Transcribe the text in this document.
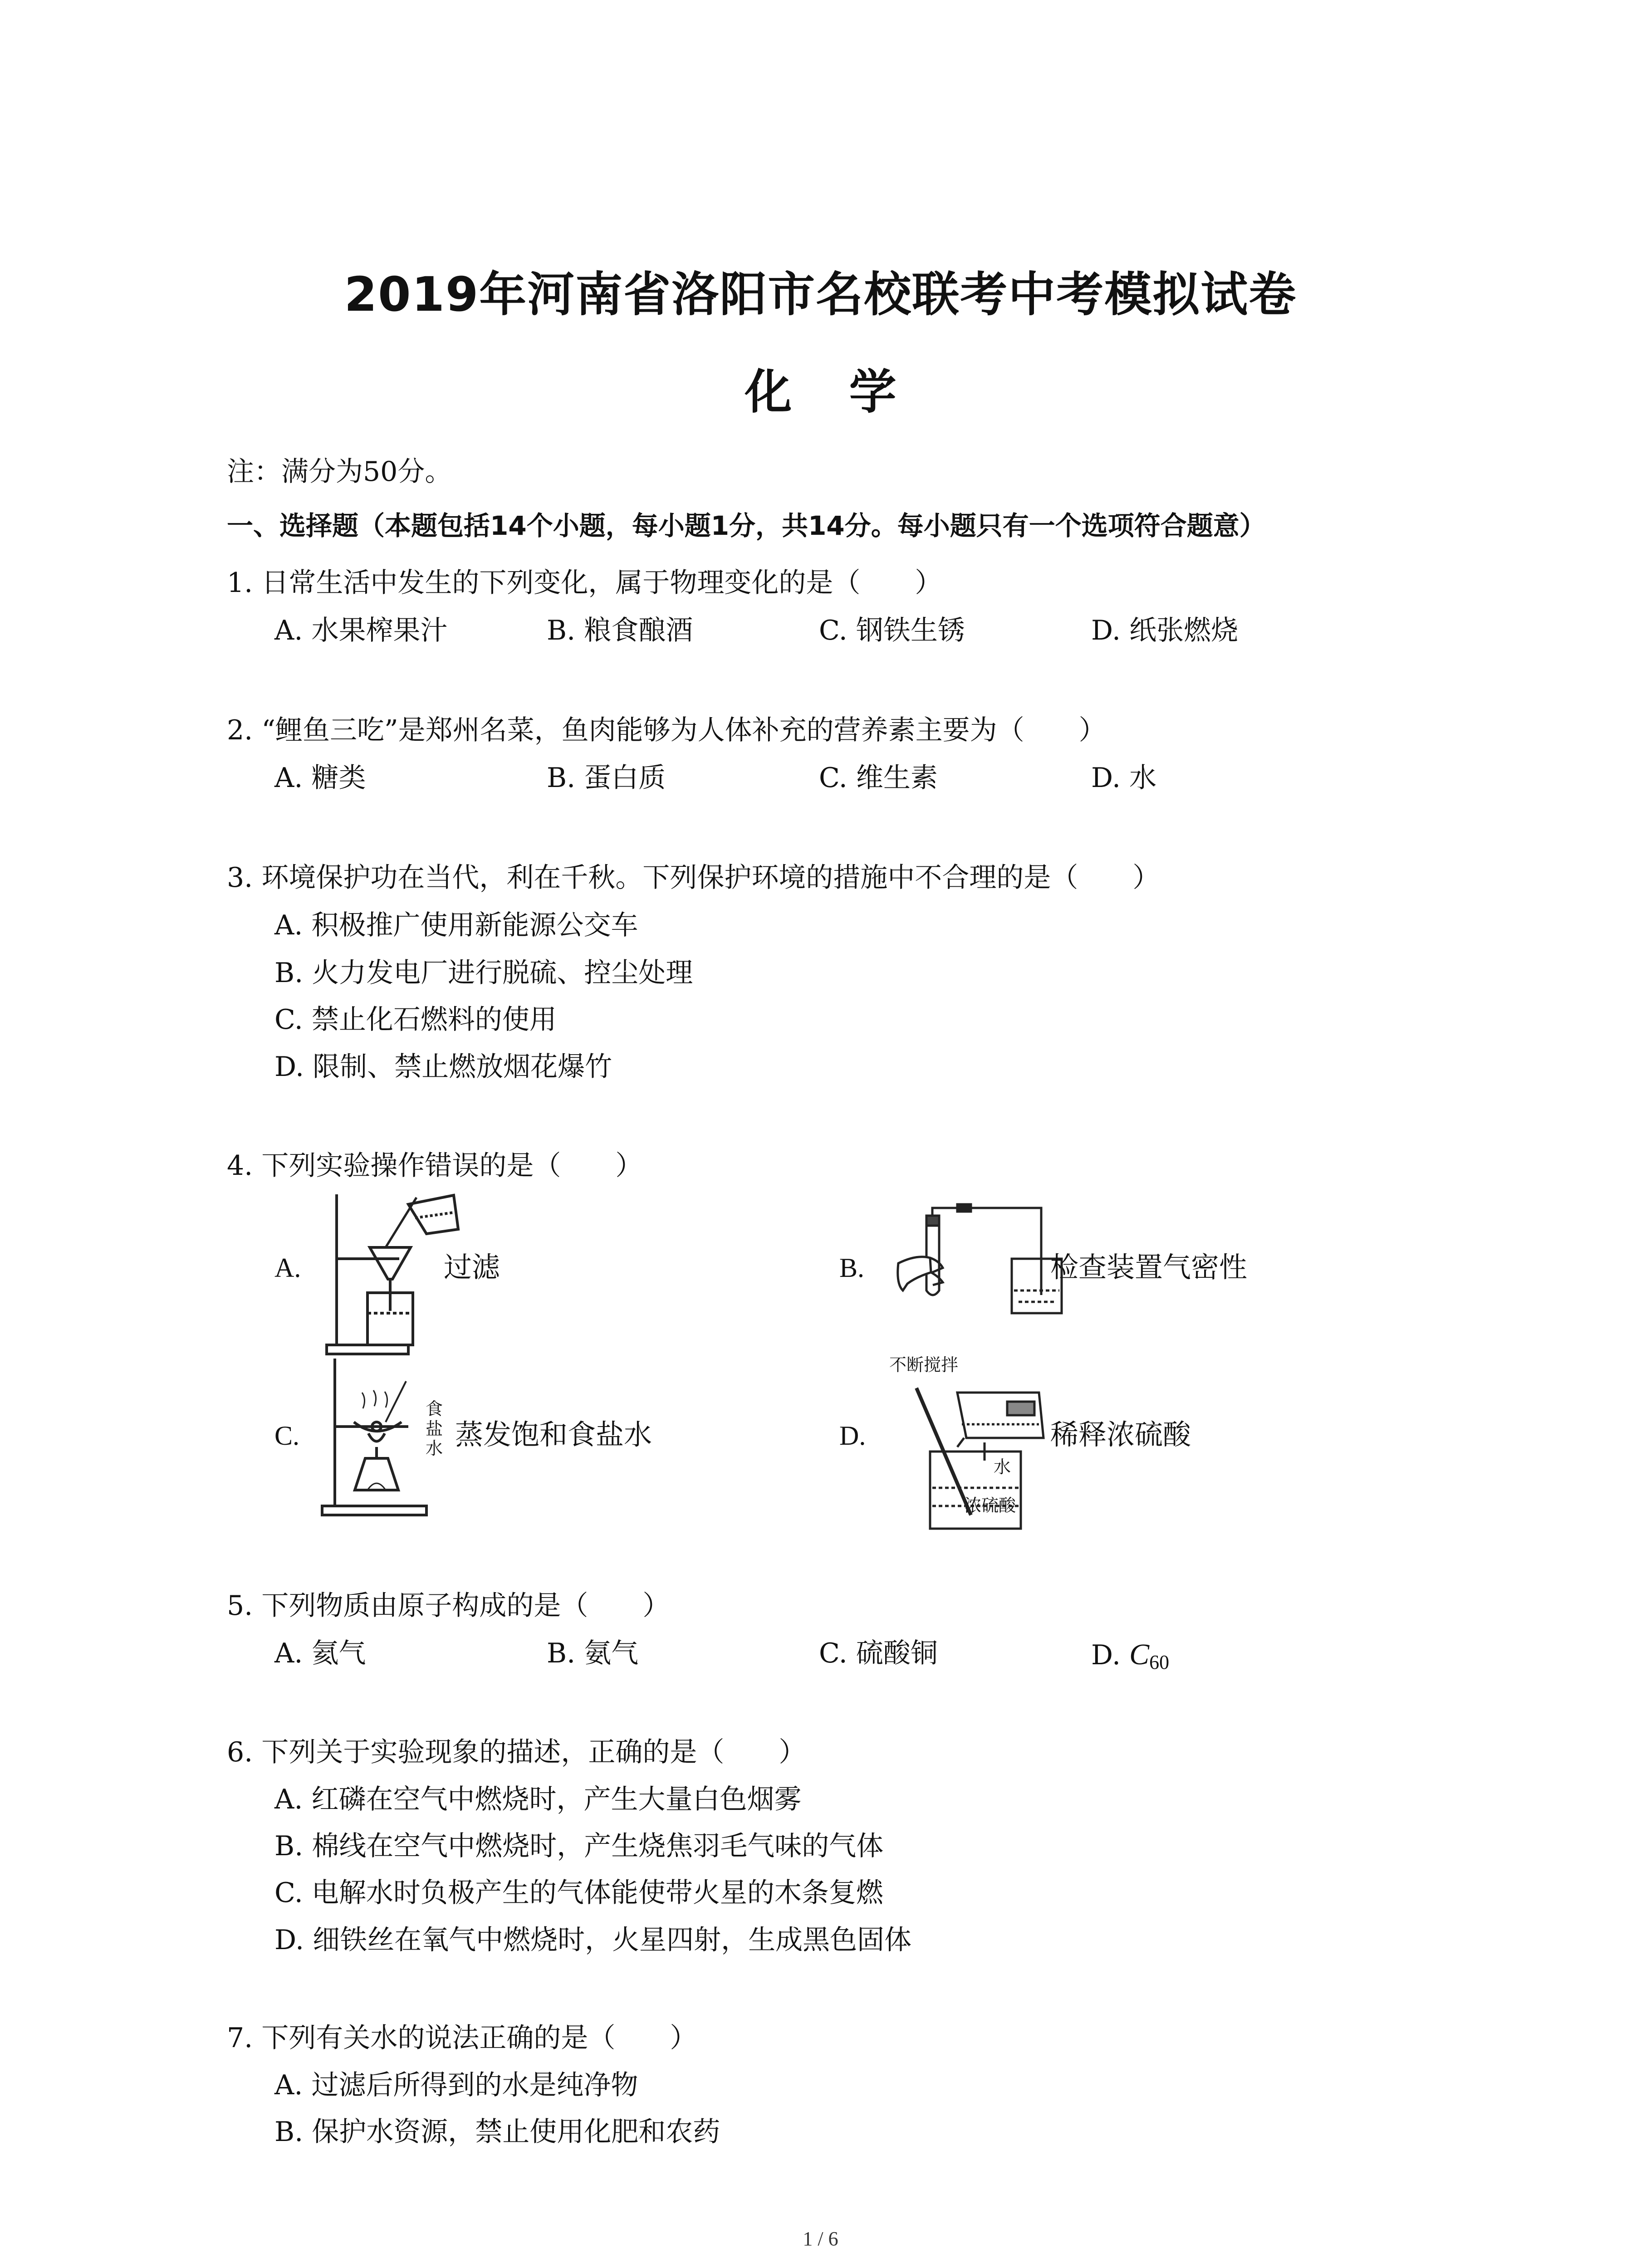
2019年河南省洛阳市名校联考中考模拟试卷
化 学
注：满分为50分。
一、选择题（本题包括14个小题，每小题1分，共14分。每小题只有一个选项符合题意）
1. 日常生活中发生的下列变化，属于物理变化的是（　　）
A. 水果榨果汁	B. 粮食酿酒	C. 钢铁生锈	D. 纸张燃烧
2. “鲤鱼三吃”是郑州名菜，鱼肉能够为人体补充的营养素主要为（　　）
A. 糖类	B. 蛋白质	C. 维生素	D. 水
3. 环境保护功在当代，利在千秋。下列保护环境的措施中不合理的是（　　）
A. 积极推广使用新能源公交车
B. 火力发电厂进行脱硫、控尘处理
C. 禁止化石燃料的使用
D. 限制、禁止燃放烟花爆竹
4. 下列实验操作错误的是（　　）
A.	过滤	B.	检查装置气密性
C.
食
盐
水 蒸发饱和食盐水	D.
不断搅拌
水
浓硫酸
稀释浓硫酸
5. 下列物质由原子构成的是（　　）
A. 氦气	B. 氨气	C. 硫酸铜	D. $C_{60}$
6. 下列关于实验现象的描述，正确的是（　　）
A. 红磷在空气中燃烧时，产生大量白色烟雾
B. 棉线在空气中燃烧时，产生烧焦羽毛气味的气体
C. 电解水时负极产生的气体能使带火星的木条复燃
D. 细铁丝在氧气中燃烧时，火星四射，生成黑色固体
7. 下列有关水的说法正确的是（　　）
A. 过滤后所得到的水是纯净物
B. 保护水资源，禁止使用化肥和农药
1 / 6
